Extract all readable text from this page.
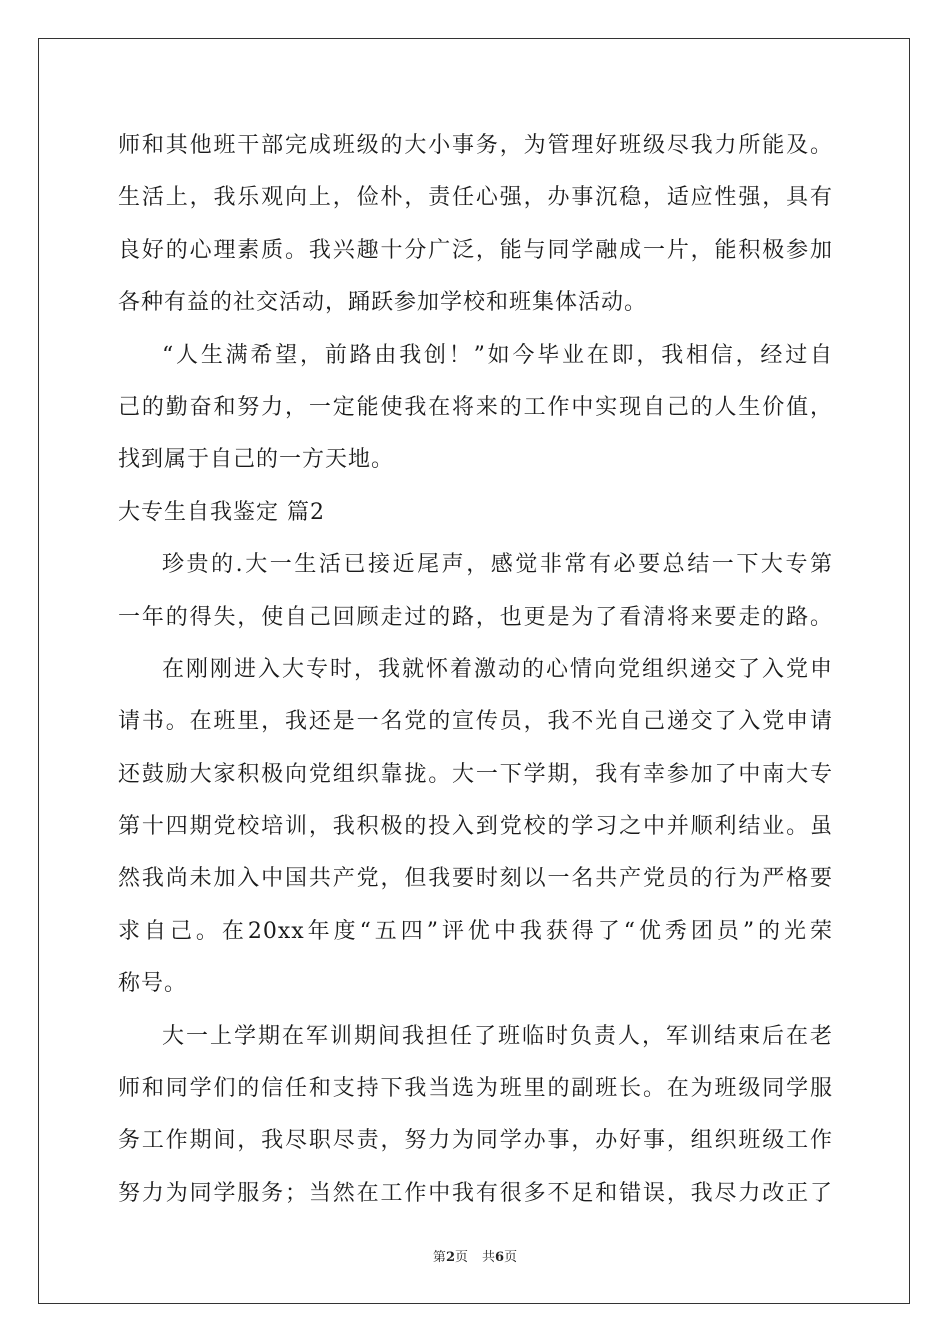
师和其他班干部完成班级的大小事务，为管理好班级尽我力所能及。
生活上，我乐观向上，俭朴，责任心强，办事沉稳，适应性强，具有
良好的心理素质。我兴趣十分广泛，能与同学融成一片，能积极参加
各种有益的社交活动，踊跃参加学校和班集体活动。
“人生满希望，前路由我创！”如今毕业在即，我相信，经过自
己的勤奋和努力，一定能使我在将来的工作中实现自己的人生价值，
找到属于自己的一方天地。
大专生自我鉴定 篇2
珍贵的.大一生活已接近尾声，感觉非常有必要总结一下大专第
一年的得失，使自己回顾走过的路，也更是为了看清将来要走的路。
在刚刚进入大专时，我就怀着激动的心情向党组织递交了入党申
请书。在班里，我还是一名党的宣传员，我不光自己递交了入党申请
还鼓励大家积极向党组织靠拢。大一下学期，我有幸参加了中南大专
第十四期党校培训，我积极的投入到党校的学习之中并顺利结业。虽
然我尚未加入中国共产党，但我要时刻以一名共产党员的行为严格要
求自己。在20xx年度“五四”评优中我获得了“优秀团员”的光荣
称号。
大一上学期在军训期间我担任了班临时负责人，军训结束后在老
师和同学们的信任和支持下我当选为班里的副班长。在为班级同学服
务工作期间，我尽职尽责，努力为同学办事，办好事，组织班级工作
努力为同学服务；当然在工作中我有很多不足和错误，我尽力改正了
第2页 共6页
